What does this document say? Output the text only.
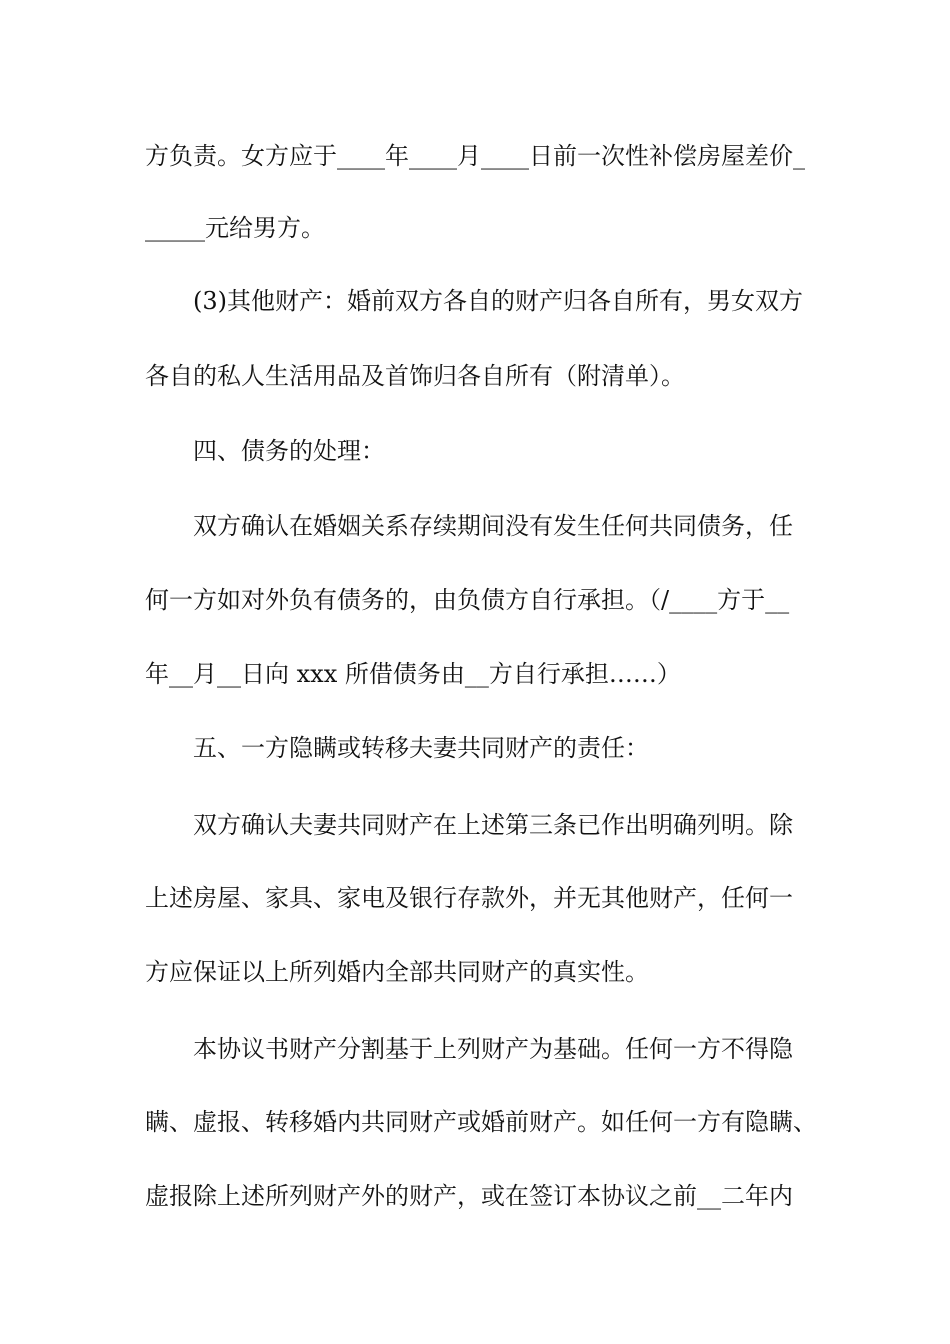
方负责。女方应于____年____月____日前一次性补偿房屋差价_
_____元给男方。
(3)其他财产：婚前双方各自的财产归各自所有，男女双方
各自的私人生活用品及首饰归各自所有（附清单）。
四、债务的处理：
双方确认在婚姻关系存续期间没有发生任何共同债务，任
何一方如对外负有债务的，由负债方自行承担。（/____方于__
年__月__日向 xxx 所借债务由__方自行承担……）
五、一方隐瞒或转移夫妻共同财产的责任：
双方确认夫妻共同财产在上述第三条已作出明确列明。除
上述房屋、家具、家电及银行存款外，并无其他财产，任何一
方应保证以上所列婚内全部共同财产的真实性。
本协议书财产分割基于上列财产为基础。任何一方不得隐
瞒、虚报、转移婚内共同财产或婚前财产。如任何一方有隐瞒、
虚报除上述所列财产外的财产，或在签订本协议之前__二年内
